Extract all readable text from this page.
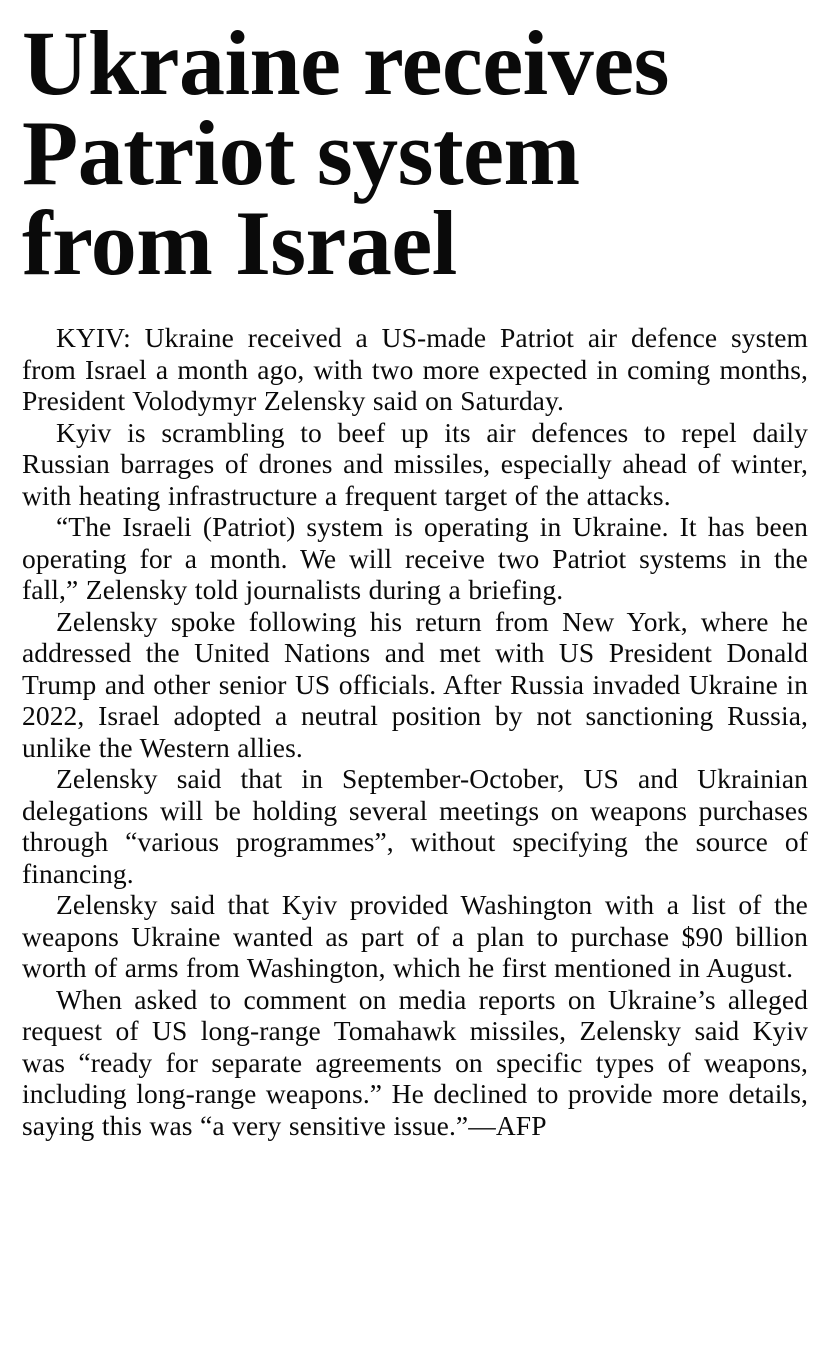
Ukraine receives
Patriot system
from Israel

KYIV: Ukraine received a US-made Patriot air defence system from Israel a month ago, with two more expected in coming months, President Volodymyr Zelensky said on Saturday.

Kyiv is scrambling to beef up its air defences to repel daily Russian barrages of drones and missiles, especially ahead of winter, with heating infrastructure a frequent target of the attacks.

“The Israeli (Patriot) system is operating in Ukraine. It has been operating for a month. We will receive two Patriot systems in the fall,” Zelensky told journalists during a briefing.

Zelensky spoke following his return from New York, where he addressed the United Nations and met with US President Donald Trump and other senior US officials. After Russia invaded Ukraine in 2022, Israel adopted a neutral position by not sanctioning Russia, unlike the Western allies.

Zelensky said that in September-October, US and Ukrainian delegations will be holding several meetings on weapons purchases through “various programmes”, without specifying the source of financing.

Zelensky said that Kyiv provided Washington with a list of the weapons Ukraine wanted as part of a plan to purchase $90 billion worth of arms from Washington, which he first mentioned in August.

When asked to comment on media reports on Ukraine’s alleged request of US long-range Tomahawk missiles, Zelensky said Kyiv was “ready for separate agreements on specific types of weapons, including long-range weapons.” He declined to provide more details, saying this was “a very sensitive issue.”—AFP
